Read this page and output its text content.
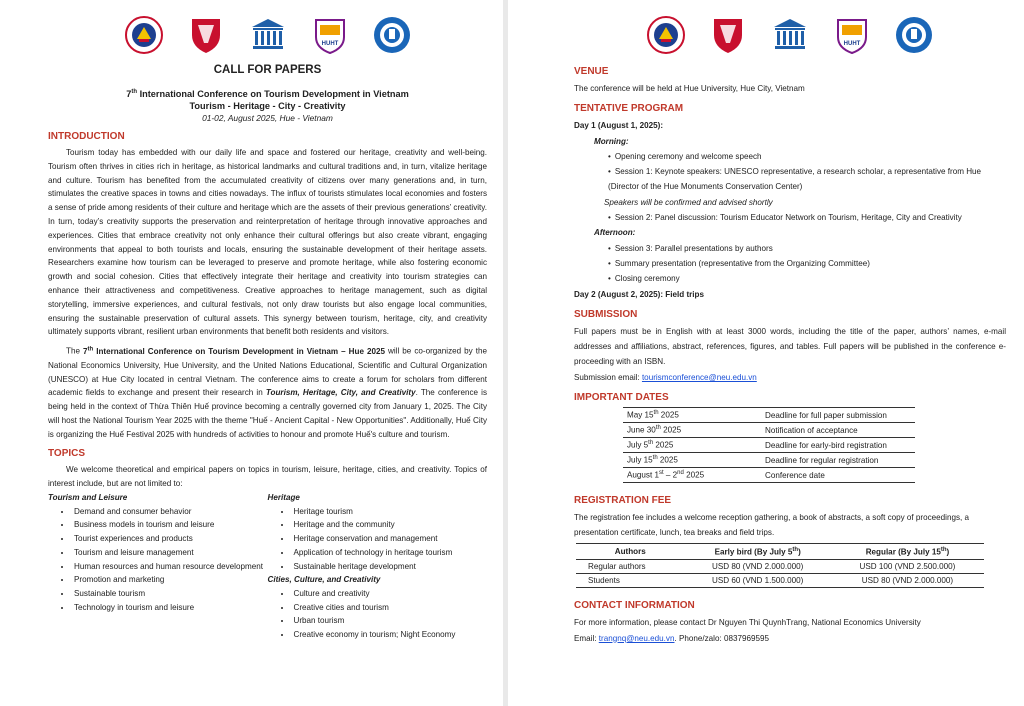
HUHT
CALL FOR PAPERS
7th International Conference on Tourism Development in Vietnam
Tourism - Heritage - City - Creativity
01-02, August 2025, Hue - Vietnam
INTRODUCTION

Tourism today has embedded with our daily life and space and fostered our heritage, creativity and well-being. Tourism often thrives in cities rich in heritage, as historical landmarks and cultural traditions and, in turn, vitalize heritage and culture. Tourism has benefited from the accumulated creativity of citizens over many generations and, in turn, stimulates the creative spaces in towns and cities nowadays. The influx of tourists stimulates local economies and fosters a sense of pride among residents of their culture and heritage which are the assets of their previous generations’ creativity. In turn, today’s creativity supports the preservation and reinterpretation of heritage through innovative approaches and experiences. Cities that embrace creativity not only enhance their cultural offerings but also create vibrant, engaging environments that appeal to both tourists and locals, ensuring the sustainable development of their heritage assets. Researchers examine how tourism can be leveraged to preserve and promote heritage, while also fostering economic growth and social cohesion. Cities that effectively integrate their heritage and creativity into tourism strategies can enhance their attractiveness and competitiveness. Creative approaches to heritage management, such as digital storytelling, immersive experiences, and cultural festivals, not only draw tourists but also engage local communities, ensuring the sustainable preservation of cultural assets. This synergy between tourism, heritage, city, and creativity ultimately supports vibrant, resilient urban environments that benefit both residents and visitors.

The 7th International Conference on Tourism Development in Vietnam – Hue 2025 will be co-organized by the National Economics University, Hue University, and the United Nations Educational, Scientific and Cultural Organization (UNESCO) at Hue City located in central Vietnam. The conference aims to create a forum for scholars from different academic fields to exchange and present their research in Tourism, Heritage, City, and Creativity. The conference is being held in the context of Thừa Thiên Huế province becoming a centrally governed city from January 1, 2025. The City will host the National Tourism Year 2025 with the theme "Huế - Ancient Capital - New Opportunities". Additionally, Huế City is organizing the Huế Festival 2025 with hundreds of activities to honour and promote Huế's culture and tourism.

TOPICS

We welcome theoretical and empirical papers on topics in tourism, leisure, heritage, cities, and creativity. Topics of interest include, but are not limited to:

Tourism and Leisure
• Demand and consumer behavior
• Business models in tourism and leisure
• Tourist experiences and products
• Tourism and leisure management
• Human resources and human resource development
• Promotion and marketing
• Sustainable tourism
• Technology in tourism and leisure
Heritage
• Heritage tourism
• Heritage and the community
• Heritage conservation and management
• Application of technology in heritage tourism
• Sustainable heritage development
Cities, Culture, and Creativity
• Culture and creativity
• Creative cities and tourism
• Urban tourism
• Creative economy in tourism; Night Economy
HUHT
VENUE

The conference will be held at Hue University, Hue City, Vietnam

TENTATIVE PROGRAM
Day 1 (August 1, 2025):
Morning:
• Opening ceremony and welcome speech
• Session 1: Keynote speakers: UNESCO representative, a research scholar, a representative from Hue (Director of the Hue Monuments Conservation Center)
Speakers will be confirmed and advised shortly
• Session 2: Panel discussion: Tourism Educator Network on Tourism, Heritage, City and Creativity
Afternoon:
• Session 3: Parallel presentations by authors
• Summary presentation (representative from the Organizing Committee)
• Closing ceremony
Day 2 (August 2, 2025): Field trips
SUBMISSION

Full papers must be in English with at least 3000 words, including the title of the paper, authors’ names, e-mail addresses and affiliations, abstract, references, figures, and tables. Full papers will be published in the conference e-proceeding with an ISBN.

Submission email: tourismconference@neu.edu.vn

IMPORTANT DATES
May 15th 2025	Deadline for full paper submission
June 30th 2025	Notification of acceptance
July 5th 2025	Deadline for early-bird registration
July 15th 2025	Deadline for regular registration
August 1st – 2nd 2025	Conference date
REGISTRATION FEE

The registration fee includes a welcome reception gathering, a book of abstracts, a soft copy of proceedings, a presentation certificate, lunch, tea breaks and field trips.

Authors	Early bird (By July 5th)	Regular (By July 15th)
Regular authors	USD 80 (VND 2.000.000)	USD 100 (VND 2.500.000)
Students	USD 60 (VND 1.500.000)	USD 80 (VND 2.000.000)
CONTACT INFORMATION

For more information, please contact Dr Nguyen Thi QuynhTrang, National Economics University

Email: trangnq@neu.edu.vn. Phone/zalo: 0837969595
